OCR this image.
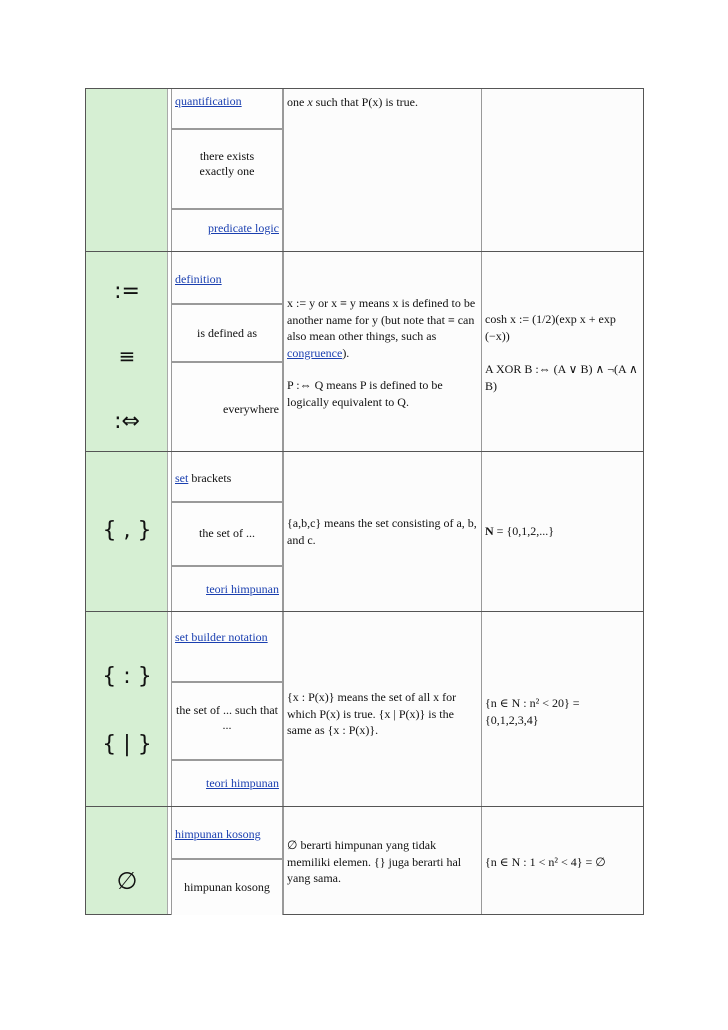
quantification
there exists exactly one
predicate logic
one x such that P(x) is true.
:=
≡
:⇔
definition
is defined as
everywhere
x := y or x ≡ y means x is defined to be another name for y (but note that ≡ can also mean other things, such as congruence).
P :⇔ Q means P is defined to be logically equivalent to Q.
cosh x := (1/2)(exp x + exp (−x))
A XOR B :⇔ (A ∨ B) ∧ ¬(A ∧ B)
{ , }
set brackets
the set of ...
teori himpunan
{a,b,c} means the set consisting of a, b, and c.
N = {0,1,2,...}
{ : }
{ | }
set builder notation
the set of ... such that ...
teori himpunan
{x : P(x)} means the set of all x for which P(x) is true. {x | P(x)} is the same as {x : P(x)}.
{n ∈ N : n² < 20} =
{0,1,2,3,4}
∅
himpunan kosong
himpunan kosong
∅ berarti himpunan yang tidak memiliki elemen. {} juga berarti hal yang sama.
{n ∈ N : 1 < n² < 4} = ∅
